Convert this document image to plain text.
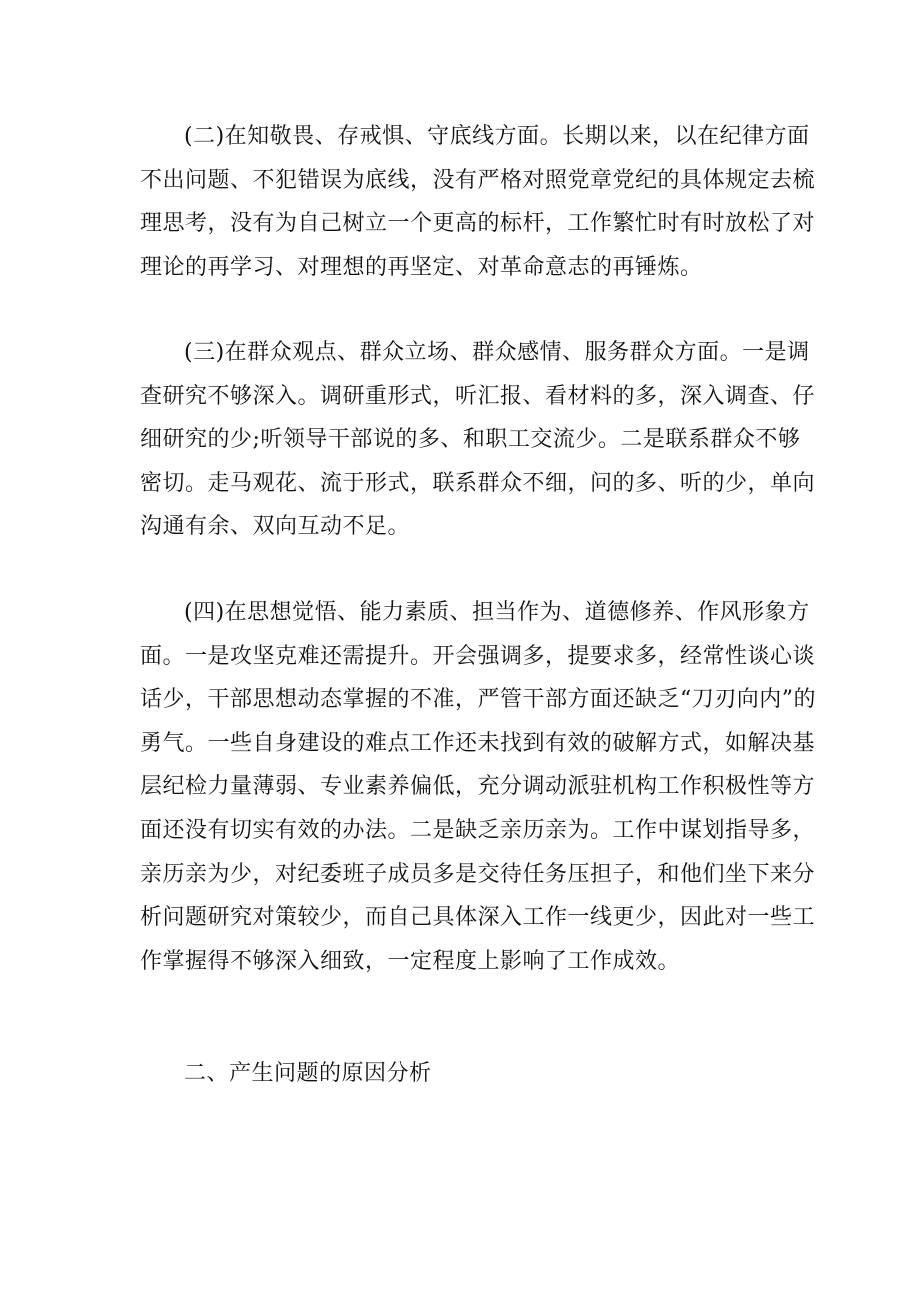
(二)在知敬畏、存戒惧、守底线方面。长期以来，以在纪律方面
不出问题、不犯错误为底线，没有严格对照党章党纪的具体规定去梳
理思考，没有为自己树立一个更高的标杆，工作繁忙时有时放松了对
理论的再学习、对理想的再坚定、对革命意志的再锤炼。

(三)在群众观点、群众立场、群众感情、服务群众方面。一是调
查研究不够深入。调研重形式，听汇报、看材料的多，深入调查、仔
细研究的少;听领导干部说的多、和职工交流少。二是联系群众不够
密切。走马观花、流于形式，联系群众不细，问的多、听的少，单向
沟通有余、双向互动不足。

(四)在思想觉悟、能力素质、担当作为、道德修养、作风形象方
面。一是攻坚克难还需提升。开会强调多，提要求多，经常性谈心谈
话少，干部思想动态掌握的不准，严管干部方面还缺乏“刀刃向内”的
勇气。一些自身建设的难点工作还未找到有效的破解方式，如解决基
层纪检力量薄弱、专业素养偏低，充分调动派驻机构工作积极性等方
面还没有切实有效的办法。二是缺乏亲历亲为。工作中谋划指导多，
亲历亲为少，对纪委班子成员多是交待任务压担子，和他们坐下来分
析问题研究对策较少，而自己具体深入工作一线更少，因此对一些工
作掌握得不够深入细致，一定程度上影响了工作成效。

二、产生问题的原因分析
